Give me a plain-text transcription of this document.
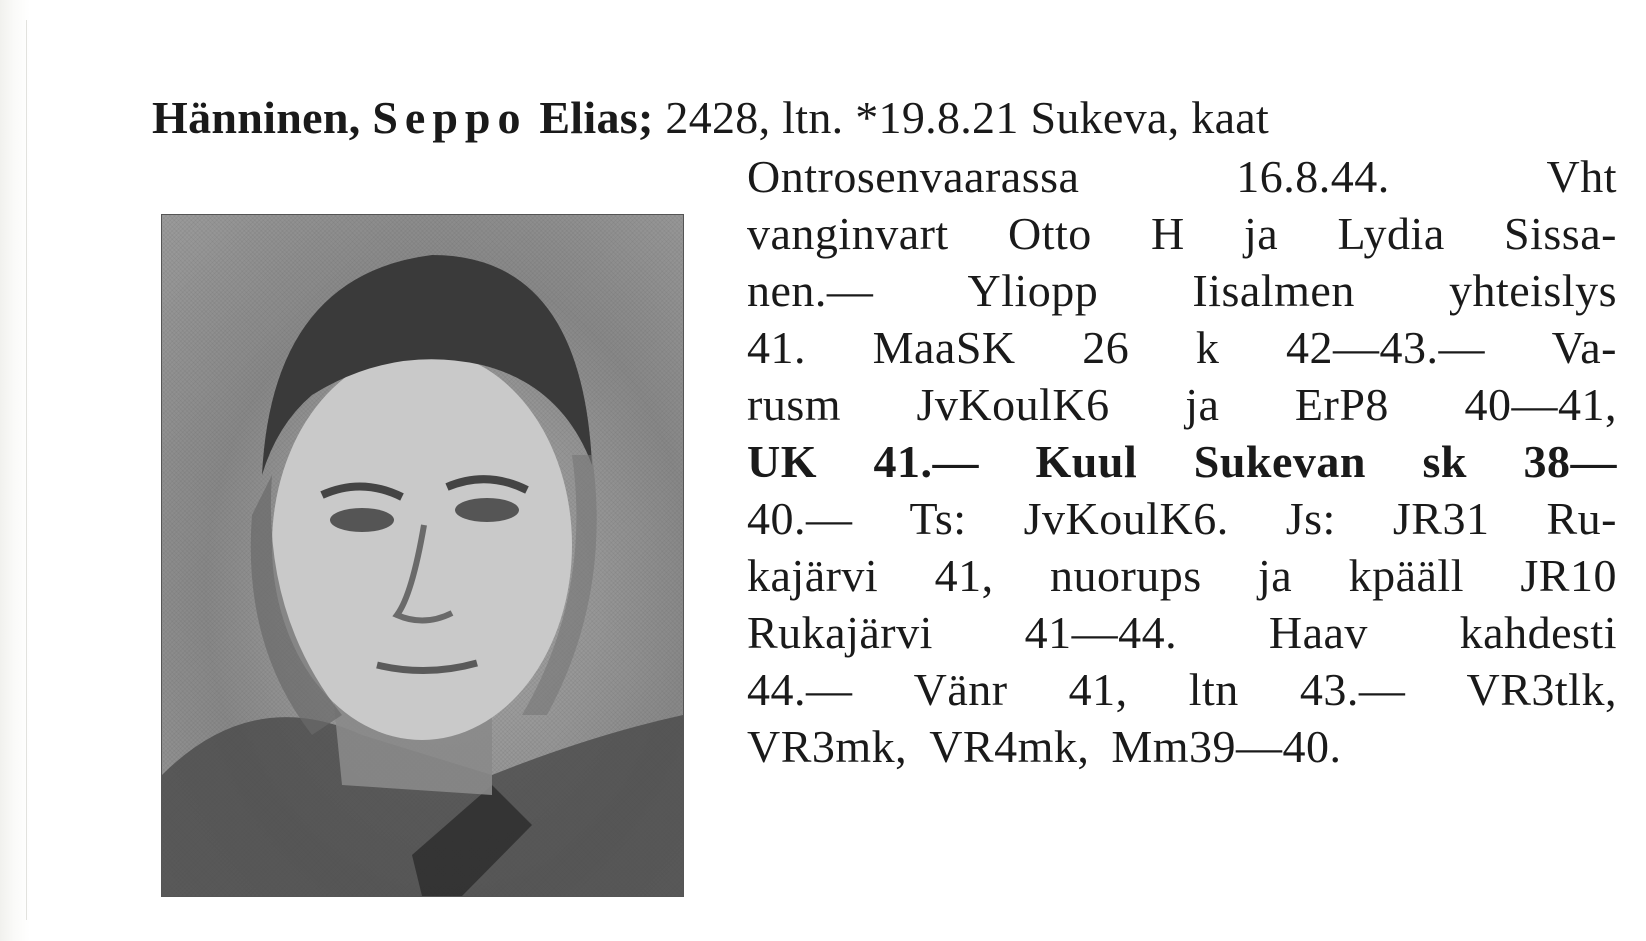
Hänninen, Seppo Elias; 2428, ltn. *19.8.21 Sukeva, kaat
Ontrosenvaarassa	16.8.44.	Vht
vanginvart Otto H ja Lydia Sissa-
nen.— Yliopp Iisalmen yhteislys
41. MaaSK 26 k 42—43.— Va-
rusm JvKoulK6 ja ErP8 40—41,
UK 41.— Kuul Sukevan sk 38—
40.— Ts: JvKoulK6. Js: JR31 Ru-
kajärvi 41, nuorups ja kpääll JR10
Rukajärvi 41—44. Haav kahdesti
44.— Vänr 41, ltn 43.— VR3tlk,
VR3mk, VR4mk, Mm39—40.
